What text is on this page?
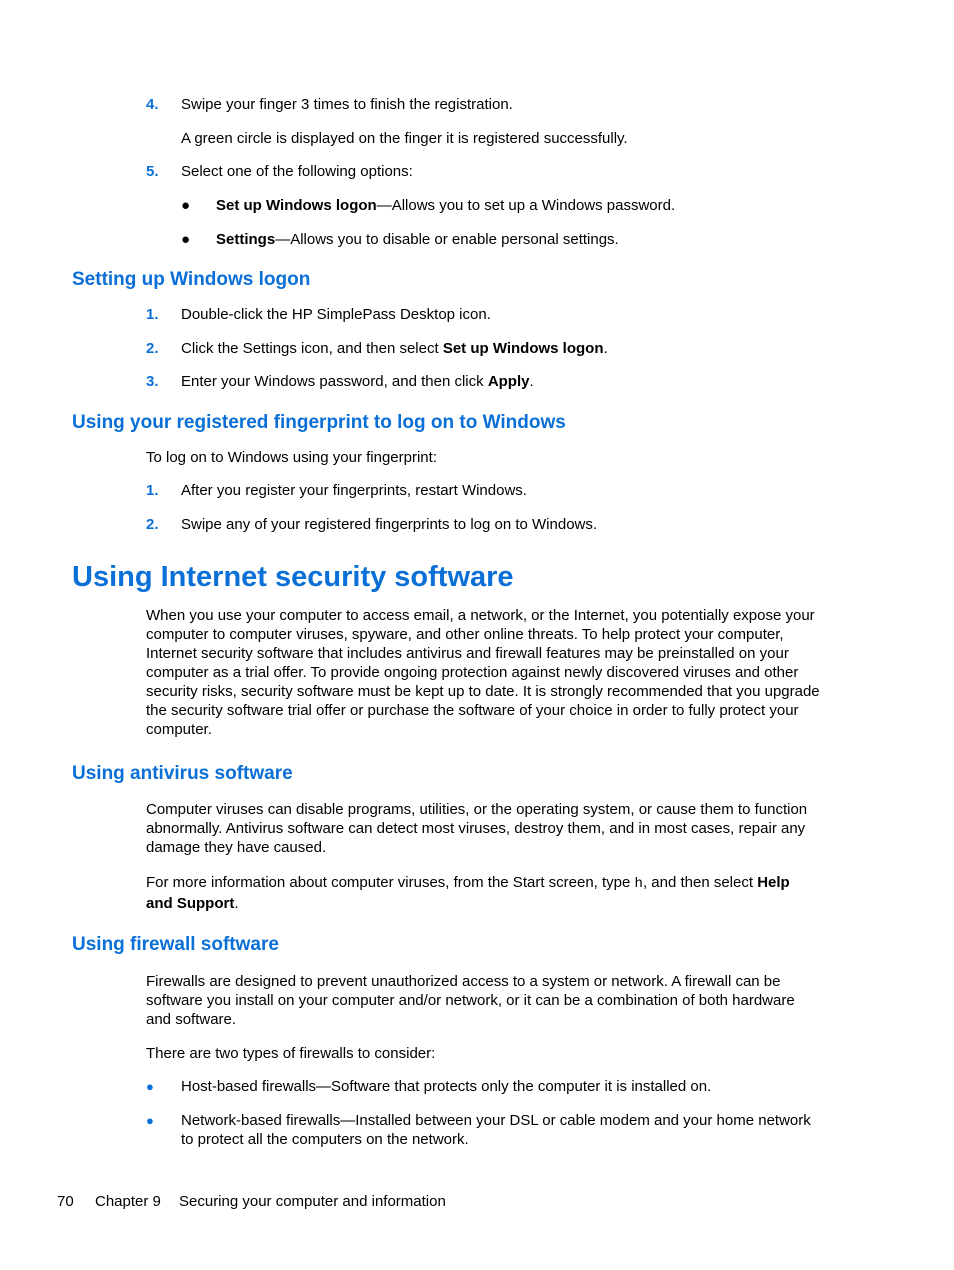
4. Swipe your finger 3 times to finish the registration.
A green circle is displayed on the finger it is registered successfully.
5. Select one of the following options:
● Set up Windows logon—Allows you to set up a Windows password.
● Settings—Allows you to disable or enable personal settings.
Setting up Windows logon
1. Double-click the HP SimplePass Desktop icon.
2. Click the Settings icon, and then select Set up Windows logon.
3. Enter your Windows password, and then click Apply.
Using your registered fingerprint to log on to Windows
To log on to Windows using your fingerprint:
1. After you register your fingerprints, restart Windows.
2. Swipe any of your registered fingerprints to log on to Windows.
Using Internet security software
When you use your computer to access email, a network, or the Internet, you potentially expose your
computer to computer viruses, spyware, and other online threats. To help protect your computer,
Internet security software that includes antivirus and firewall features may be preinstalled on your
computer as a trial offer. To provide ongoing protection against newly discovered viruses and other
security risks, security software must be kept up to date. It is strongly recommended that you upgrade
the security software trial offer or purchase the software of your choice in order to fully protect your
computer.
Using antivirus software
Computer viruses can disable programs, utilities, or the operating system, or cause them to function
abnormally. Antivirus software can detect most viruses, destroy them, and in most cases, repair any
damage they have caused.
For more information about computer viruses, from the Start screen, type h, and then select Help
and Support.
Using firewall software
Firewalls are designed to prevent unauthorized access to a system or network. A firewall can be
software you install on your computer and/or network, or it can be a combination of both hardware
and software.
There are two types of firewalls to consider:
● Host-based firewalls—Software that protects only the computer it is installed on.
● Network-based firewalls—Installed between your DSL or cable modem and your home network
to protect all the computers on the network.
70 Chapter 9 Securing your computer and information
